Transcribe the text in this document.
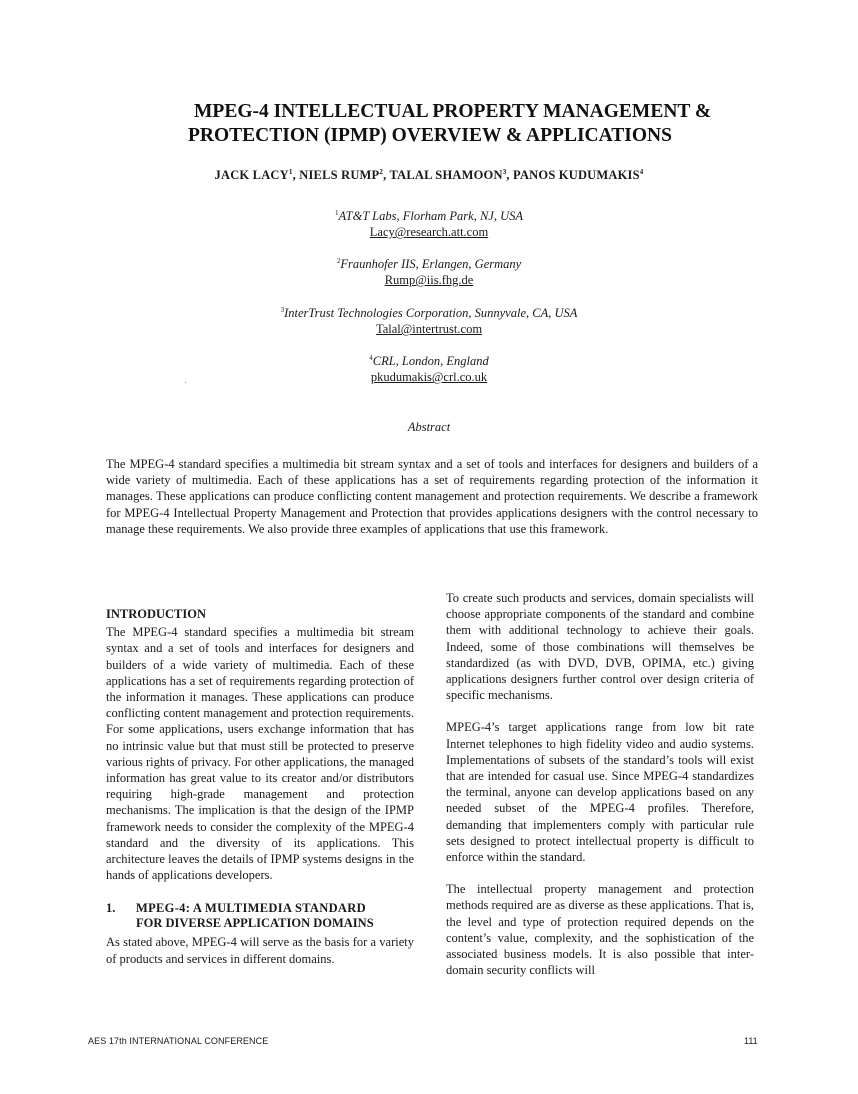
MPEG-4 INTELLECTUAL PROPERTY MANAGEMENT &
PROTECTION (IPMP) OVERVIEW & APPLICATIONS
JACK LACY$^1$, NIELS RUMP$^2$, TALAL SHAMOON$^3$, PANOS KUDUMAKIS$^4$
$^1$AT&T Labs, Florham Park, NJ, USA
Lacy@research.att.com
$^2$Fraunhofer IIS, Erlangen, Germany
Rump@iis.fhg.de
$^3$InterTrust Technologies Corporation, Sunnyvale, CA, USA
Talal@intertrust.com
$^4$CRL, London, England
pkudumakis@crl.co.uk
Abstract
The MPEG-4 standard specifies a multimedia bit stream syntax and a set of tools and interfaces for designers and builders of a wide variety of multimedia. Each of these applications has a set of requirements regarding protection of the information it manages. These applications can produce conflicting content management and protection requirements. We describe a framework for MPEG-4 Intellectual Property Management and Protection that provides applications designers with the control necessary to manage these requirements. We also provide three examples of applications that use this framework.
INTRODUCTION

The MPEG-4 standard specifies a multimedia bit stream syntax and a set of tools and interfaces for designers and builders of a wide variety of multimedia. Each of these applications has a set of requirements regarding protection of the information it manages. These applications can produce conflicting content management and protection requirements. For some applications, users exchange information that has no intrinsic value but that must still be protected to preserve various rights of privacy. For other applications, the managed information has great value to its creator and/or distributors requiring high-grade management and protection mechanisms. The implication is that the design of the IPMP framework needs to consider the complexity of the MPEG-4 standard and the diversity of its applications. This architecture leaves the details of IPMP systems designs in the hands of applications developers.

1. MPEG-4: A MULTIMEDIA STANDARD
FOR DIVERSE APPLICATION DOMAINS

As stated above, MPEG-4 will serve as the basis for a variety of products and services in different domains.

To create such products and services, domain specialists will choose appropriate components of the standard and combine them with additional technology to achieve their goals. Indeed, some of those combinations will themselves be standardized (as with DVD, DVB, OPIMA, etc.) giving applications designers further control over design criteria of specific mechanisms.

MPEG-4’s target applications range from low bit rate Internet telephones to high fidelity video and audio systems. Implementations of subsets of the standard’s tools will exist that are intended for casual use. Since MPEG-4 standardizes the terminal, anyone can develop applications based on any needed subset of the MPEG-4 profiles. Therefore, demanding that implementers comply with particular rule sets designed to protect intellectual property is difficult to enforce within the standard.

The intellectual property management and protection methods required are as diverse as these applications. That is, the level and type of protection required depends on the content’s value, complexity, and the sophistication of the associated business models. It is also possible that inter-domain security conflicts will

AES 17th INTERNATIONAL CONFERENCE	111
